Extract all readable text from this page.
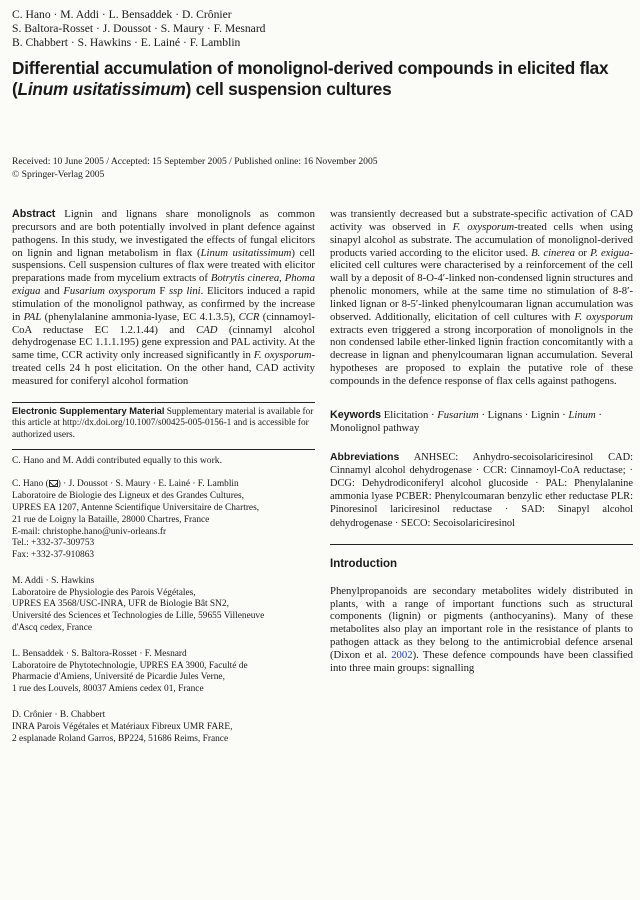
C. Hano · M. Addi · L. Bensaddek · D. Crônier
S. Baltora-Rosset · J. Doussot · S. Maury · F. Mesnard
B. Chabbert · S. Hawkins · E. Lainé · F. Lamblin
Differential accumulation of monolignol-derived compounds in elicited flax (Linum usitatissimum) cell suspension cultures
Received: 10 June 2005 / Accepted: 15 September 2005 / Published online: 16 November 2005
© Springer-Verlag 2005

Abstract Lignin and lignans share monolignols as common precursors and are both potentially involved in plant defence against pathogens. In this study, we investigated the effects of fungal elicitors on lignin and lignan metabolism in flax (Linum usitatissimum) cell suspensions. Cell suspension cultures of flax were treated with elicitor preparations made from mycelium extracts of Botrytis cinerea, Phoma exigua and Fusarium oxysporum F ssp lini. Elicitors induced a rapid stimulation of the monolignol pathway, as confirmed by the increase in PAL (phenylalanine ammonia-lyase, EC 4.1.3.5), CCR (cinnamoyl-CoA reductase EC 1.2.1.44) and CAD (cinnamyl alcohol dehydrogenase EC 1.1.1.195) gene expression and PAL activity. At the same time, CCR activity only increased significantly in F. oxysporum-treated cells 24 h post elicitation. On the other hand, CAD activity measured for coniferyl alcohol formation

Electronic Supplementary Material Supplementary material is available for this article at http://dx.doi.org/10.1007/s00425-005-0156-1 and is accessible for authorized users.
C. Hano and M. Addi contributed equally to this work.
C. Hano ( ) · J. Doussot · S. Maury · E. Lainé · F. Lamblin
Laboratoire de Biologie des Ligneux et des Grandes Cultures,
UPRES EA 1207, Antenne Scientifique Universitaire de Chartres,
21 rue de Loigny la Bataille, 28000 Chartres, France
E-mail: christophe.hano@univ-orleans.fr
Tel.: +332-37-309753
Fax: +332-37-910863
M. Addi · S. Hawkins
Laboratoire de Physiologie des Parois Végétales,
UPRES EA 3568/USC-INRA, UFR de Biologie Bât SN2,
Université des Sciences et Technologies de Lille, 59655 Villeneuve
d'Ascq cedex, France
L. Bensaddek · S. Baltora-Rosset · F. Mesnard
Laboratoire de Phytotechnologie, UPRES EA 3900, Faculté de
Pharmacie d'Amiens, Université de Picardie Jules Verne,
1 rue des Louvels, 80037 Amiens cedex 01, France
D. Crônier · B. Chabbert
INRA Parois Végétales et Matériaux Fibreux UMR FARE,
2 esplanade Roland Garros, BP224, 51686 Reims, France

was transiently decreased but a substrate-specific activation of CAD activity was observed in F. oxysporum-treated cells when using sinapyl alcohol as substrate. The accumulation of monolignol-derived products varied according to the elicitor used. B. cinerea or P. exigua-elicited cell cultures were characterised by a reinforcement of the cell wall by a deposit of 8-O-4′-linked non-condensed lignin structures and phenolic monomers, while at the same time no stimulation of 8-8′-linked lignan or 8-5′-linked phenylcoumaran lignan accumulation was observed. Additionally, elicitation of cell cultures with F. oxysporum extracts even triggered a strong incorporation of monolignols in the non condensed labile ether-linked lignin fraction concomitantly with a decrease in lignan and phenylcoumaran lignan accumulation. Several hypotheses are proposed to explain the putative role of these compounds in the defence response of flax cells against pathogens.

Keywords Elicitation · Fusarium · Lignans · Lignin · Linum · Monolignol pathway

Abbreviations ANHSEC: Anhydro-secoisolariciresinol CAD: Cinnamyl alcohol dehydrogenase · CCR: Cinnamoyl-CoA reductase; · DCG: Dehydrodiconiferyl alcohol glucoside · PAL: Phenylalanine ammonia lyase PCBER: Phenylcoumaran benzylic ether reductase PLR: Pinoresinol lariciresinol reductase · SAD: Sinapyl alcohol dehydrogenase · SECO: Secoisolariciresinol

Introduction

Phenylpropanoids are secondary metabolites widely distributed in plants, with a range of important functions such as structural components (lignin) or pigments (anthocyanins). Many of these metabolites also play an important role in the resistance of plants to pathogen attack as they belong to the antimicrobial defence arsenal (Dixon et al. 2002). These defence compounds have been classified into three main groups: signalling
